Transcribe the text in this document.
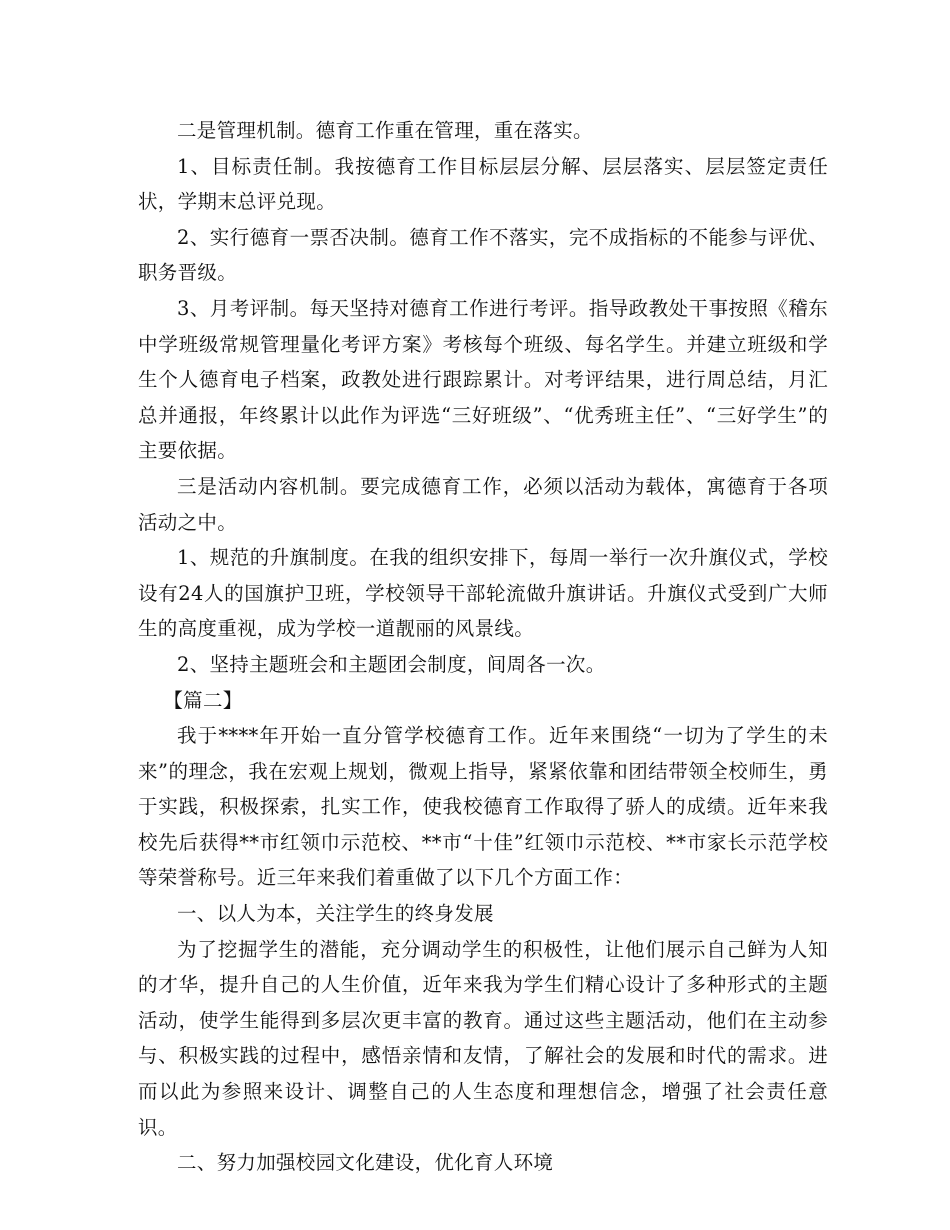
二是管理机制。德育工作重在管理，重在落实。

1、目标责任制。我按德育工作目标层层分解、层层落实、层层签定责任状，学期末总评兑现。

2、实行德育一票否决制。德育工作不落实，完不成指标的不能参与评优、职务晋级。

3、月考评制。每天坚持对德育工作进行考评。指导政教处干事按照《稽东中学班级常规管理量化考评方案》考核每个班级、每名学生。并建立班级和学生个人德育电子档案，政教处进行跟踪累计。对考评结果，进行周总结，月汇总并通报，年终累计以此作为评选“三好班级”、“优秀班主任”、“三好学生”的主要依据。

三是活动内容机制。要完成德育工作，必须以活动为载体，寓德育于各项活动之中。

1、规范的升旗制度。在我的组织安排下，每周一举行一次升旗仪式，学校设有24人的国旗护卫班，学校领导干部轮流做升旗讲话。升旗仪式受到广大师生的高度重视，成为学校一道靓丽的风景线。

2、坚持主题班会和主题团会制度，间周各一次。

【篇二】

我于****年开始一直分管学校德育工作。近年来围绕“一切为了学生的未来”的理念，我在宏观上规划，微观上指导，紧紧依靠和团结带领全校师生，勇于实践，积极探索，扎实工作，使我校德育工作取得了骄人的成绩。近年来我校先后获得**市红领巾示范校、**市“十佳”红领巾示范校、**市家长示范学校等荣誉称号。近三年来我们着重做了以下几个方面工作：

一、以人为本，关注学生的终身发展

为了挖掘学生的潜能，充分调动学生的积极性，让他们展示自己鲜为人知的才华，提升自己的人生价值，近年来我为学生们精心设计了多种形式的主题活动，使学生能得到多层次更丰富的教育。通过这些主题活动，他们在主动参与、积极实践的过程中，感悟亲情和友情，了解社会的发展和时代的需求。进而以此为参照来设计、调整自己的人生态度和理想信念，增强了社会责任意识。

二、努力加强校园文化建设，优化育人环境
